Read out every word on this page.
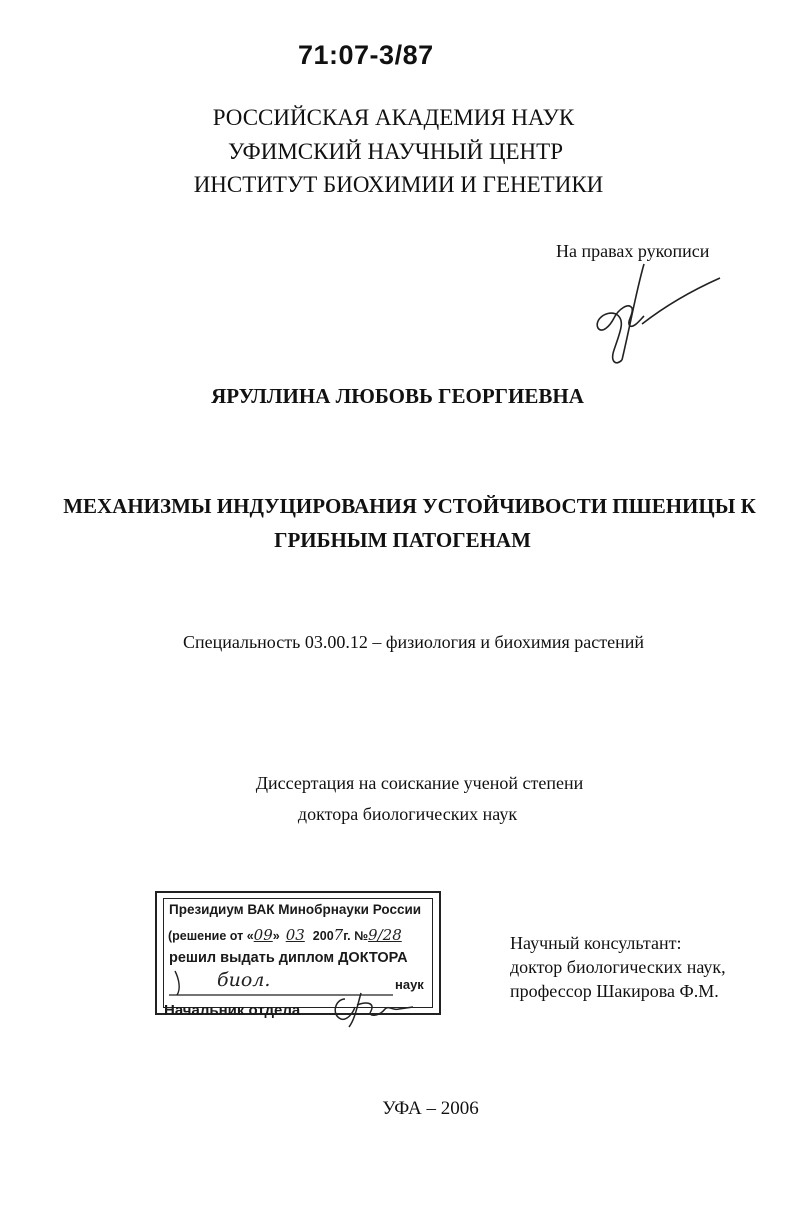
71:07-3/87
РОССИЙСКАЯ АКАДЕМИЯ НАУК
УФИМСКИЙ НАУЧНЫЙ ЦЕНТР
ИНСТИТУТ БИОХИМИИ И ГЕНЕТИКИ
На правах рукописи
ЯРУЛЛИНА ЛЮБОВЬ ГЕОРГИЕВНА
МЕХАНИЗМЫ ИНДУЦИРОВАНИЯ УСТОЙЧИВОСТИ ПШЕНИЦЫ К
ГРИБНЫМ ПАТОГЕНАМ
Специальность 03.00.12 – физиология и биохимия растений
Диссертация на соискание ученой степени
доктора биологических наук
Президиум ВАК Минобрнауки России
(решение от «09» 03 2007г. №9/28
решил выдать диплом ДОКТОРА
биол.	наук
Начальник отдела
Научный консультант:
доктор биологических наук,
профессор Шакирова Ф.М.
УФА – 2006
